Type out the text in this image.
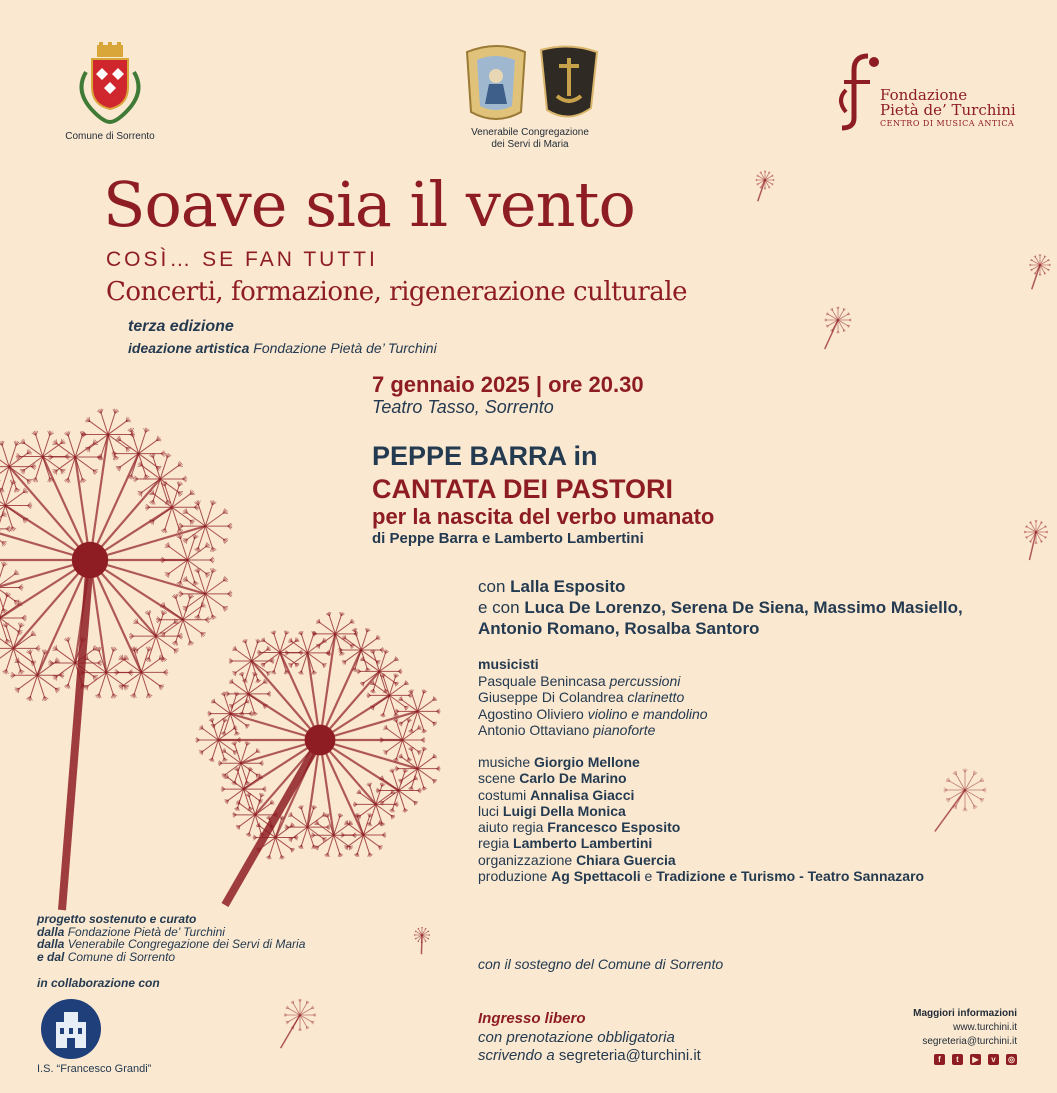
Comune di Sorrento	Venerabile Congregazione
dei Servi di Maria
Fondazione
Pietà de’ Turchini
CENTRO DI MUSICA ANTICA
Soave sia il vento
COSÌ… SE FAN TUTTI
Concerti, formazione, rigenerazione culturale
terza edizione
ideazione artistica Fondazione Pietà de’ Turchini
7 gennaio 2025 | ore 20.30
Teatro Tasso, Sorrento
PEPPE BARRA in
CANTATA DEI PASTORI
per la nascita del verbo umanato
di Peppe Barra e Lamberto Lambertini
con Lalla Esposito
e con Luca De Lorenzo, Serena De Siena, Massimo Masiello,
Antonio Romano, Rosalba Santoro
musicisti
Pasquale Benincasa percussioni
Giuseppe Di Colandrea clarinetto
Agostino Oliviero violino e mandolino
Antonio Ottaviano pianoforte
musiche Giorgio Mellone
scene Carlo De Marino
costumi Annalisa Giacci
luci Luigi Della Monica
aiuto regia Francesco Esposito
regia Lamberto Lambertini
organizzazione Chiara Guercia
produzione Ag Spettacoli e Tradizione e Turismo - Teatro Sannazaro
progetto sostenuto e curato
dalla Fondazione Pietà de’ Turchini
dalla Venerabile Congregazione dei Servi di Maria
e dal Comune di Sorrento
in collaborazione con
I.S. “Francesco Grandi”
con il sostegno del Comune di Sorrento
Ingresso libero
con prenotazione obbligatoria
scrivendo a segreteria@turchini.it
Maggiori informazioni
www.turchini.it
segreteria@turchini.it
f	t	▶	v	◎
